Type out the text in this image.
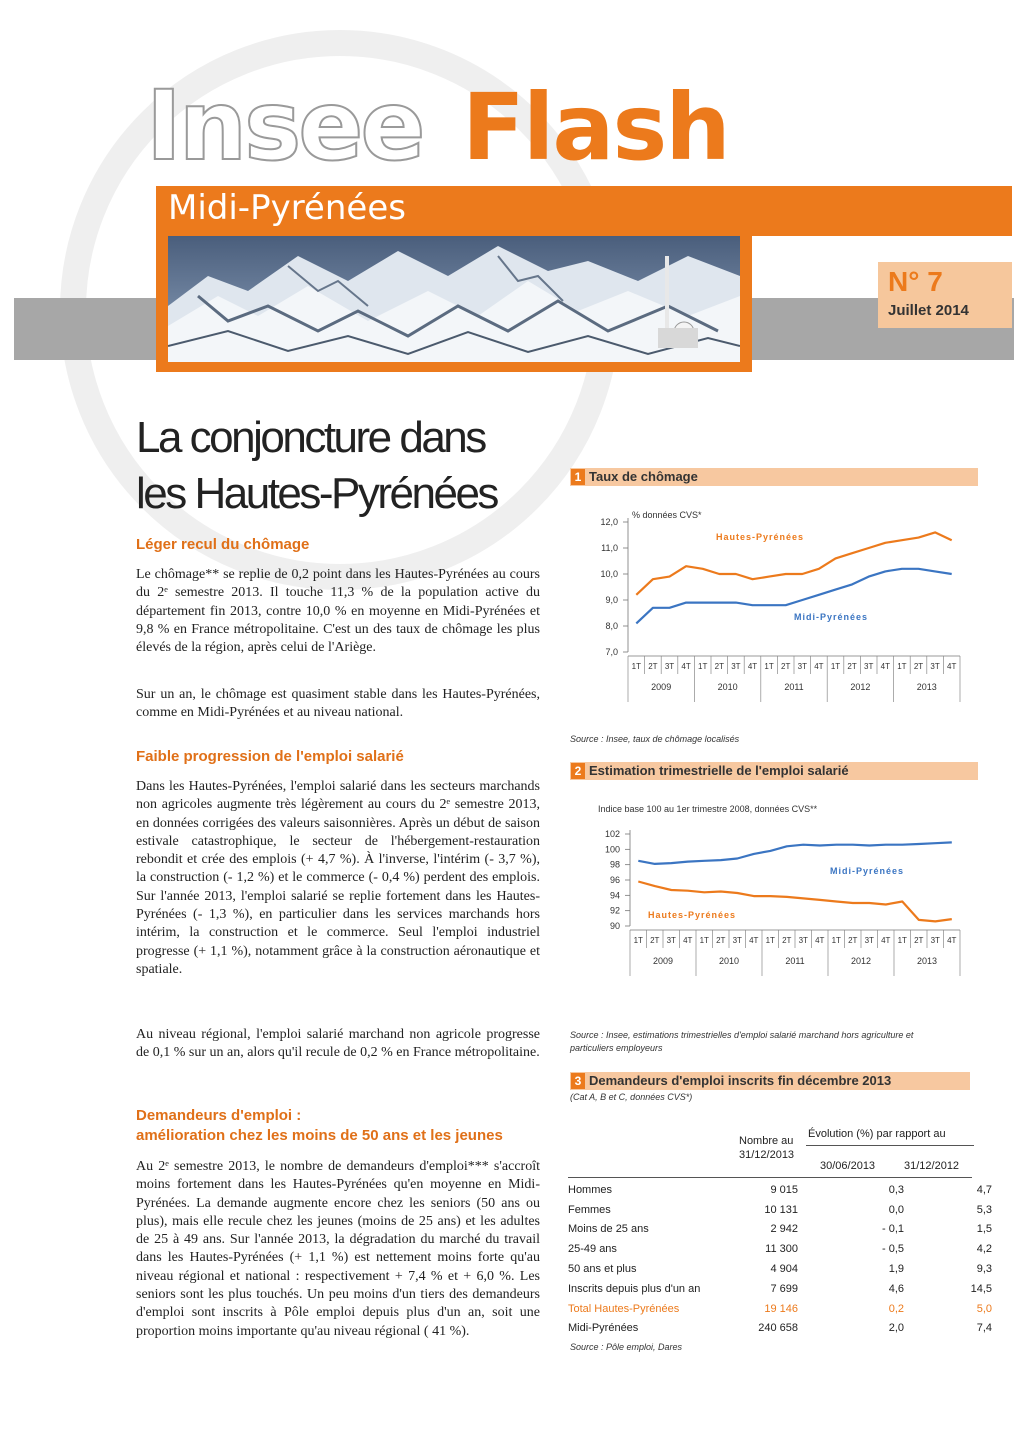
Insee Flash
Midi-Pyrénées
N° 7
Juillet 2014
La conjoncture dans
les Hautes-Pyrénées
Léger recul du chômage
Le chômage** se replie de 0,2 point dans les Hautes-Pyrénées au cours du 2ᵉ semestre 2013. Il touche 11,3 % de la population active du département fin 2013, contre 10,0 % en moyenne en Midi-Pyrénées et 9,8 % en France métropolitaine. C'est un des taux de chômage les plus élevés de la région, après celui de l'Ariège.
Sur un an, le chômage est quasiment stable dans les Hautes-Pyrénées, comme en Midi-Pyrénées et au niveau national.
Faible progression de l'emploi salarié
Dans les Hautes-Pyrénées, l'emploi salarié dans les secteurs marchands non agricoles augmente très légèrement au cours du 2ᵉ semestre 2013, en données corrigées des valeurs saisonnières. Après un début de saison estivale catastrophique, le secteur de l'hébergement-restauration rebondit et crée des emplois (+ 4,7 %). À l'inverse, l'intérim (- 3,7 %), la construction (- 1,2 %) et le commerce (- 0,4 %) perdent des emplois. Sur l'année 2013, l'emploi salarié se replie fortement dans les Hautes-Pyrénées (- 1,3 %), en particulier dans les services marchands hors intérim, la construction et le commerce. Seul l'emploi industriel progresse (+ 1,1 %), notamment grâce à la construction aéronautique et spatiale.
Au niveau régional, l'emploi salarié marchand non agricole progresse de 0,1 % sur un an, alors qu'il recule de 0,2 % en France métropolitaine.
Demandeurs d'emploi :
amélioration chez les moins de 50 ans et les jeunes
Au 2ᵉ semestre 2013, le nombre de demandeurs d'emploi*** s'accroît moins fortement dans les Hautes-Pyrénées qu'en moyenne en Midi-Pyrénées. La demande augmente encore chez les seniors (50 ans ou plus), mais elle recule chez les jeunes (moins de 25 ans) et les adultes de 25 à 49 ans. Sur l'année 2013, la dégradation du marché du travail dans les Hautes-Pyrénées (+ 1,1 %) est nettement moins forte qu'au niveau régional et national : respectivement + 7,4 % et + 6,0 %. Les seniors sont les plus touchés. Un peu moins d'un tiers des demandeurs d'emploi sont inscrits à Pôle emploi depuis plus d'un an, soit une proportion moins importante qu'au niveau régional ( 41 %).
1 Taux de chômage
% données CVS*
12,0
11,0
10,0
9,0
8,0
7,0
1T 2T 3T 4T 1T 2T 3T 4T 1T 2T 3T 4T 1T 2T 3T 4T 1T 2T 3T 4T
2009	2010	2011	2012	2013
Hautes-Pyrénées
Midi-Pyrénées
Source : Insee, taux de chômage localisés
2 Estimation trimestrielle de l'emploi salarié
Indice base 100 au 1er trimestre 2008, données CVS**
102
100
98
96
94
92
90
1T 2T 3T 4T 1T 2T 3T 4T 1T 2T 3T 4T 1T 2T 3T 4T 1T 2T 3T 4T
2009	2010	2011	2012	2013
Midi-Pyrénées
Hautes-Pyrénées
Source : Insee, estimations trimestrielles d'emploi salarié marchand hors agriculture et
particuliers employeurs
3 Demandeurs d'emploi inscrits fin décembre 2013
(Cat A, B et C, données CVS*)
Nombre au
31/12/2013
Évolution (%) par rapport au
30/06/2013	31/12/2012
Hommes	9 015	0,3	4,7
Femmes	10 131	0,0	5,3
Moins de 25 ans	2 942	- 0,1	1,5
25-49 ans	11 300	- 0,5	4,2
50 ans et plus	4 904	1,9	9,3
Inscrits depuis plus d'un an	7 699	4,6	14,5
Total Hautes-Pyrénées	19 146	0,2	5,0
Midi-Pyrénées	240 658	2,0	7,4
Source : Pôle emploi, Dares
